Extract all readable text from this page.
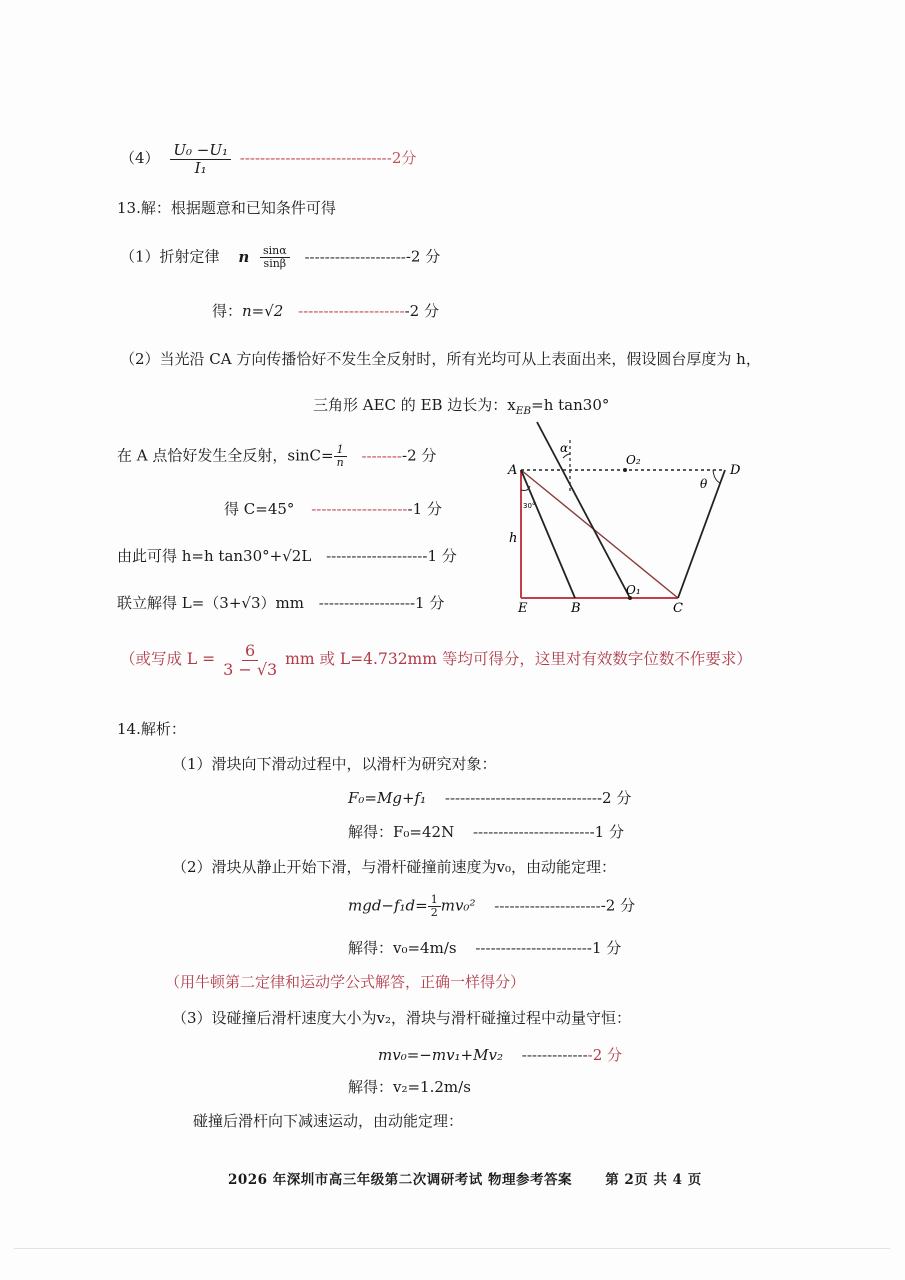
$(4) \frac{\text{U₀ −U₁}}{\text{I₁}} ------------------------------2$分
13.解：根据题意和已知条件可得
（1）折射定律 n $\frac{\sin\alpha}{\sin\beta} ---------------------2$ 分
得：n=√2 ----------------------2 分
（2）当光沿 CA 方向传播恰好不发生全反射时，所有光均可从上表面出来，假设圆台厚度为 h，
三角形 AEC 的 EB 边长为：$x_{EB}=h$ tan30°
在 A 点恰好发生全反射，$\sin C= \frac{1}{n} ---------2$ 分
得 C=45° --------------------1 分
由此可得 h=h tan30°+√2L --------------------1 分
联立解得 L=（3+√3）mm -------------------1 分
A	D
E	B	C
O₁
O₂
α
θ
h
30°
（或写成 $L = \frac{6}{3 - √3}$ mm 或 L=4.732mm 等均可得分，这里对有效数字位数不作要求）
14.解析：
（1）滑块向下滑动过程中，以滑杆为研究对象：
F₀=Mg+f₁ -------------------------------2 分
解得：F₀=42N ------------------------1 分
（2）滑块从静止开始下滑，与滑杆碰撞前速度为v₀，由动能定理：
$mgd-f_1d= \frac{1}{2} mv_0^2$ ----------------------2 分
解得：v₀=4m/s -----------------------1 分
（用牛顿第二定律和运动学公式解答，正确一样得分）
（3）设碰撞后滑杆速度大小为v₂，滑块与滑杆碰撞过程中动量守恒：
mv₀=−mv₁+Mv₂ --------------2 分
解得：v₂=1.2m/s
碰撞后滑杆向下减速运动，由动能定理：
2026 年深圳市高三年级第二次调研考试 物理参考答案 第 2页 共 4 页
